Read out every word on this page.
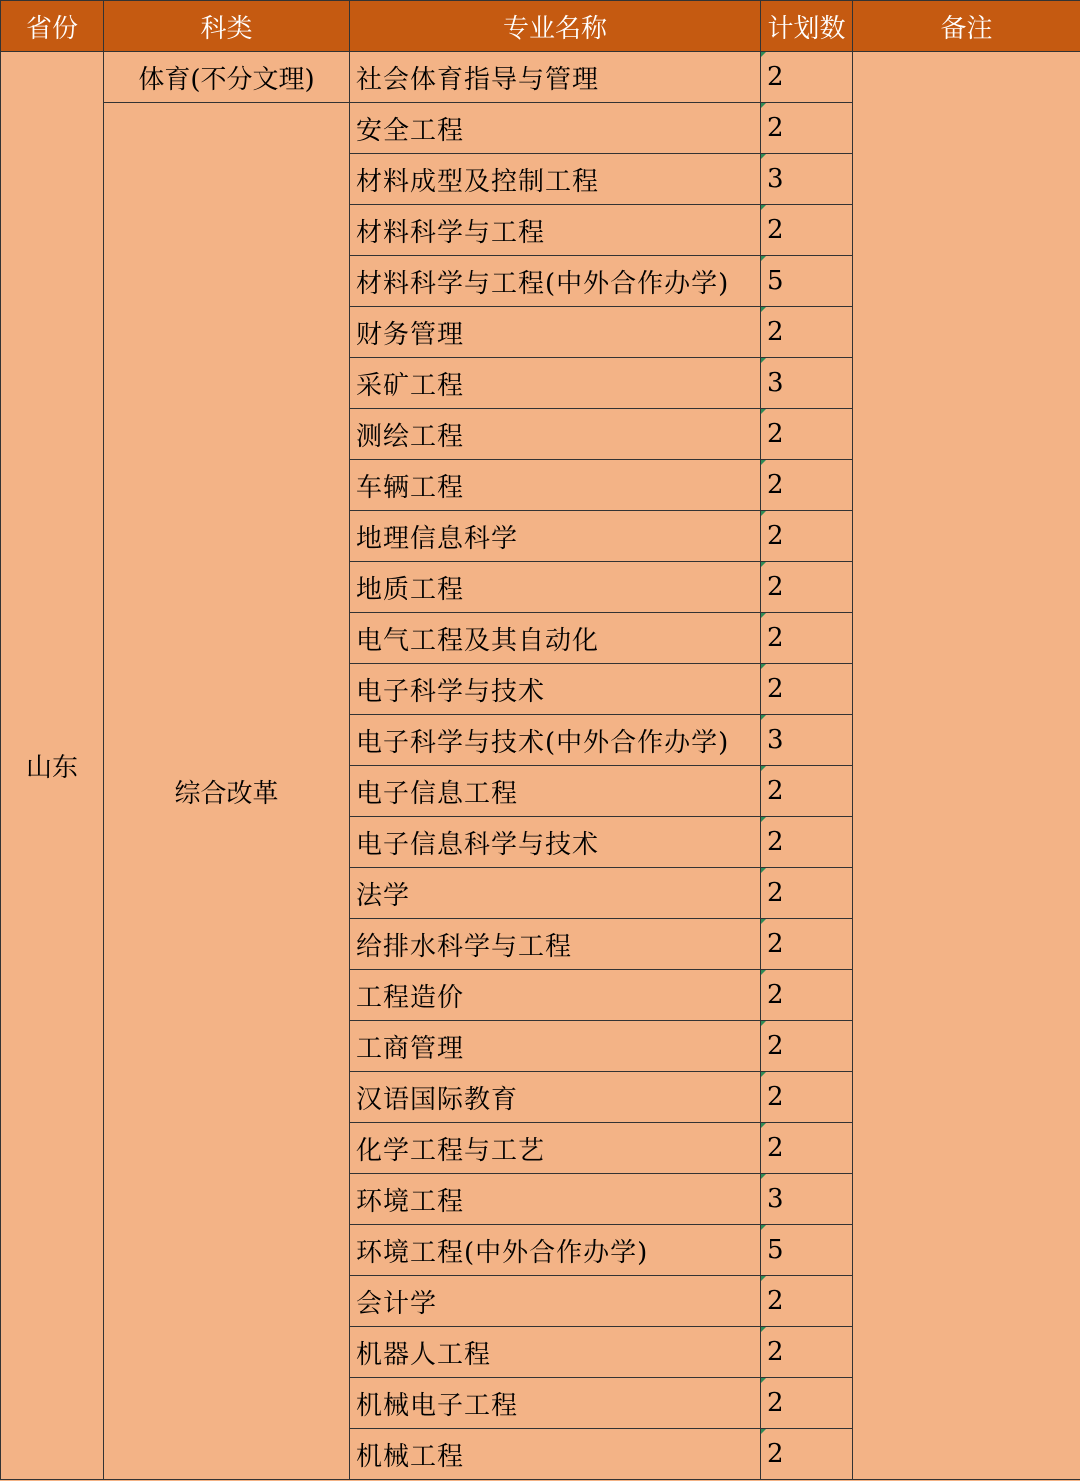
省份	科类	专业名称	计划数	备注
山东	体育(不分文理)	社会体育指导与管理	2	
	综合改革	安全工程	2	
		材料成型及控制工程	3	
		材料科学与工程	2	
		材料科学与工程(中外合作办学)	5	
		财务管理	2	
		采矿工程	3	
		测绘工程	2	
		车辆工程	2	
		地理信息科学	2	
		地质工程	2	
		电气工程及其自动化	2	
		电子科学与技术	2	
		电子科学与技术(中外合作办学)	3	
		电子信息工程	2	
		电子信息科学与技术	2	
		法学	2	
		给排水科学与工程	2	
		工程造价	2	
		工商管理	2	
		汉语国际教育	2	
		化学工程与工艺	2	
		环境工程	3	
		环境工程(中外合作办学)	5	
		会计学	2	
		机器人工程	2	
		机械电子工程	2	
		机械工程	2	
